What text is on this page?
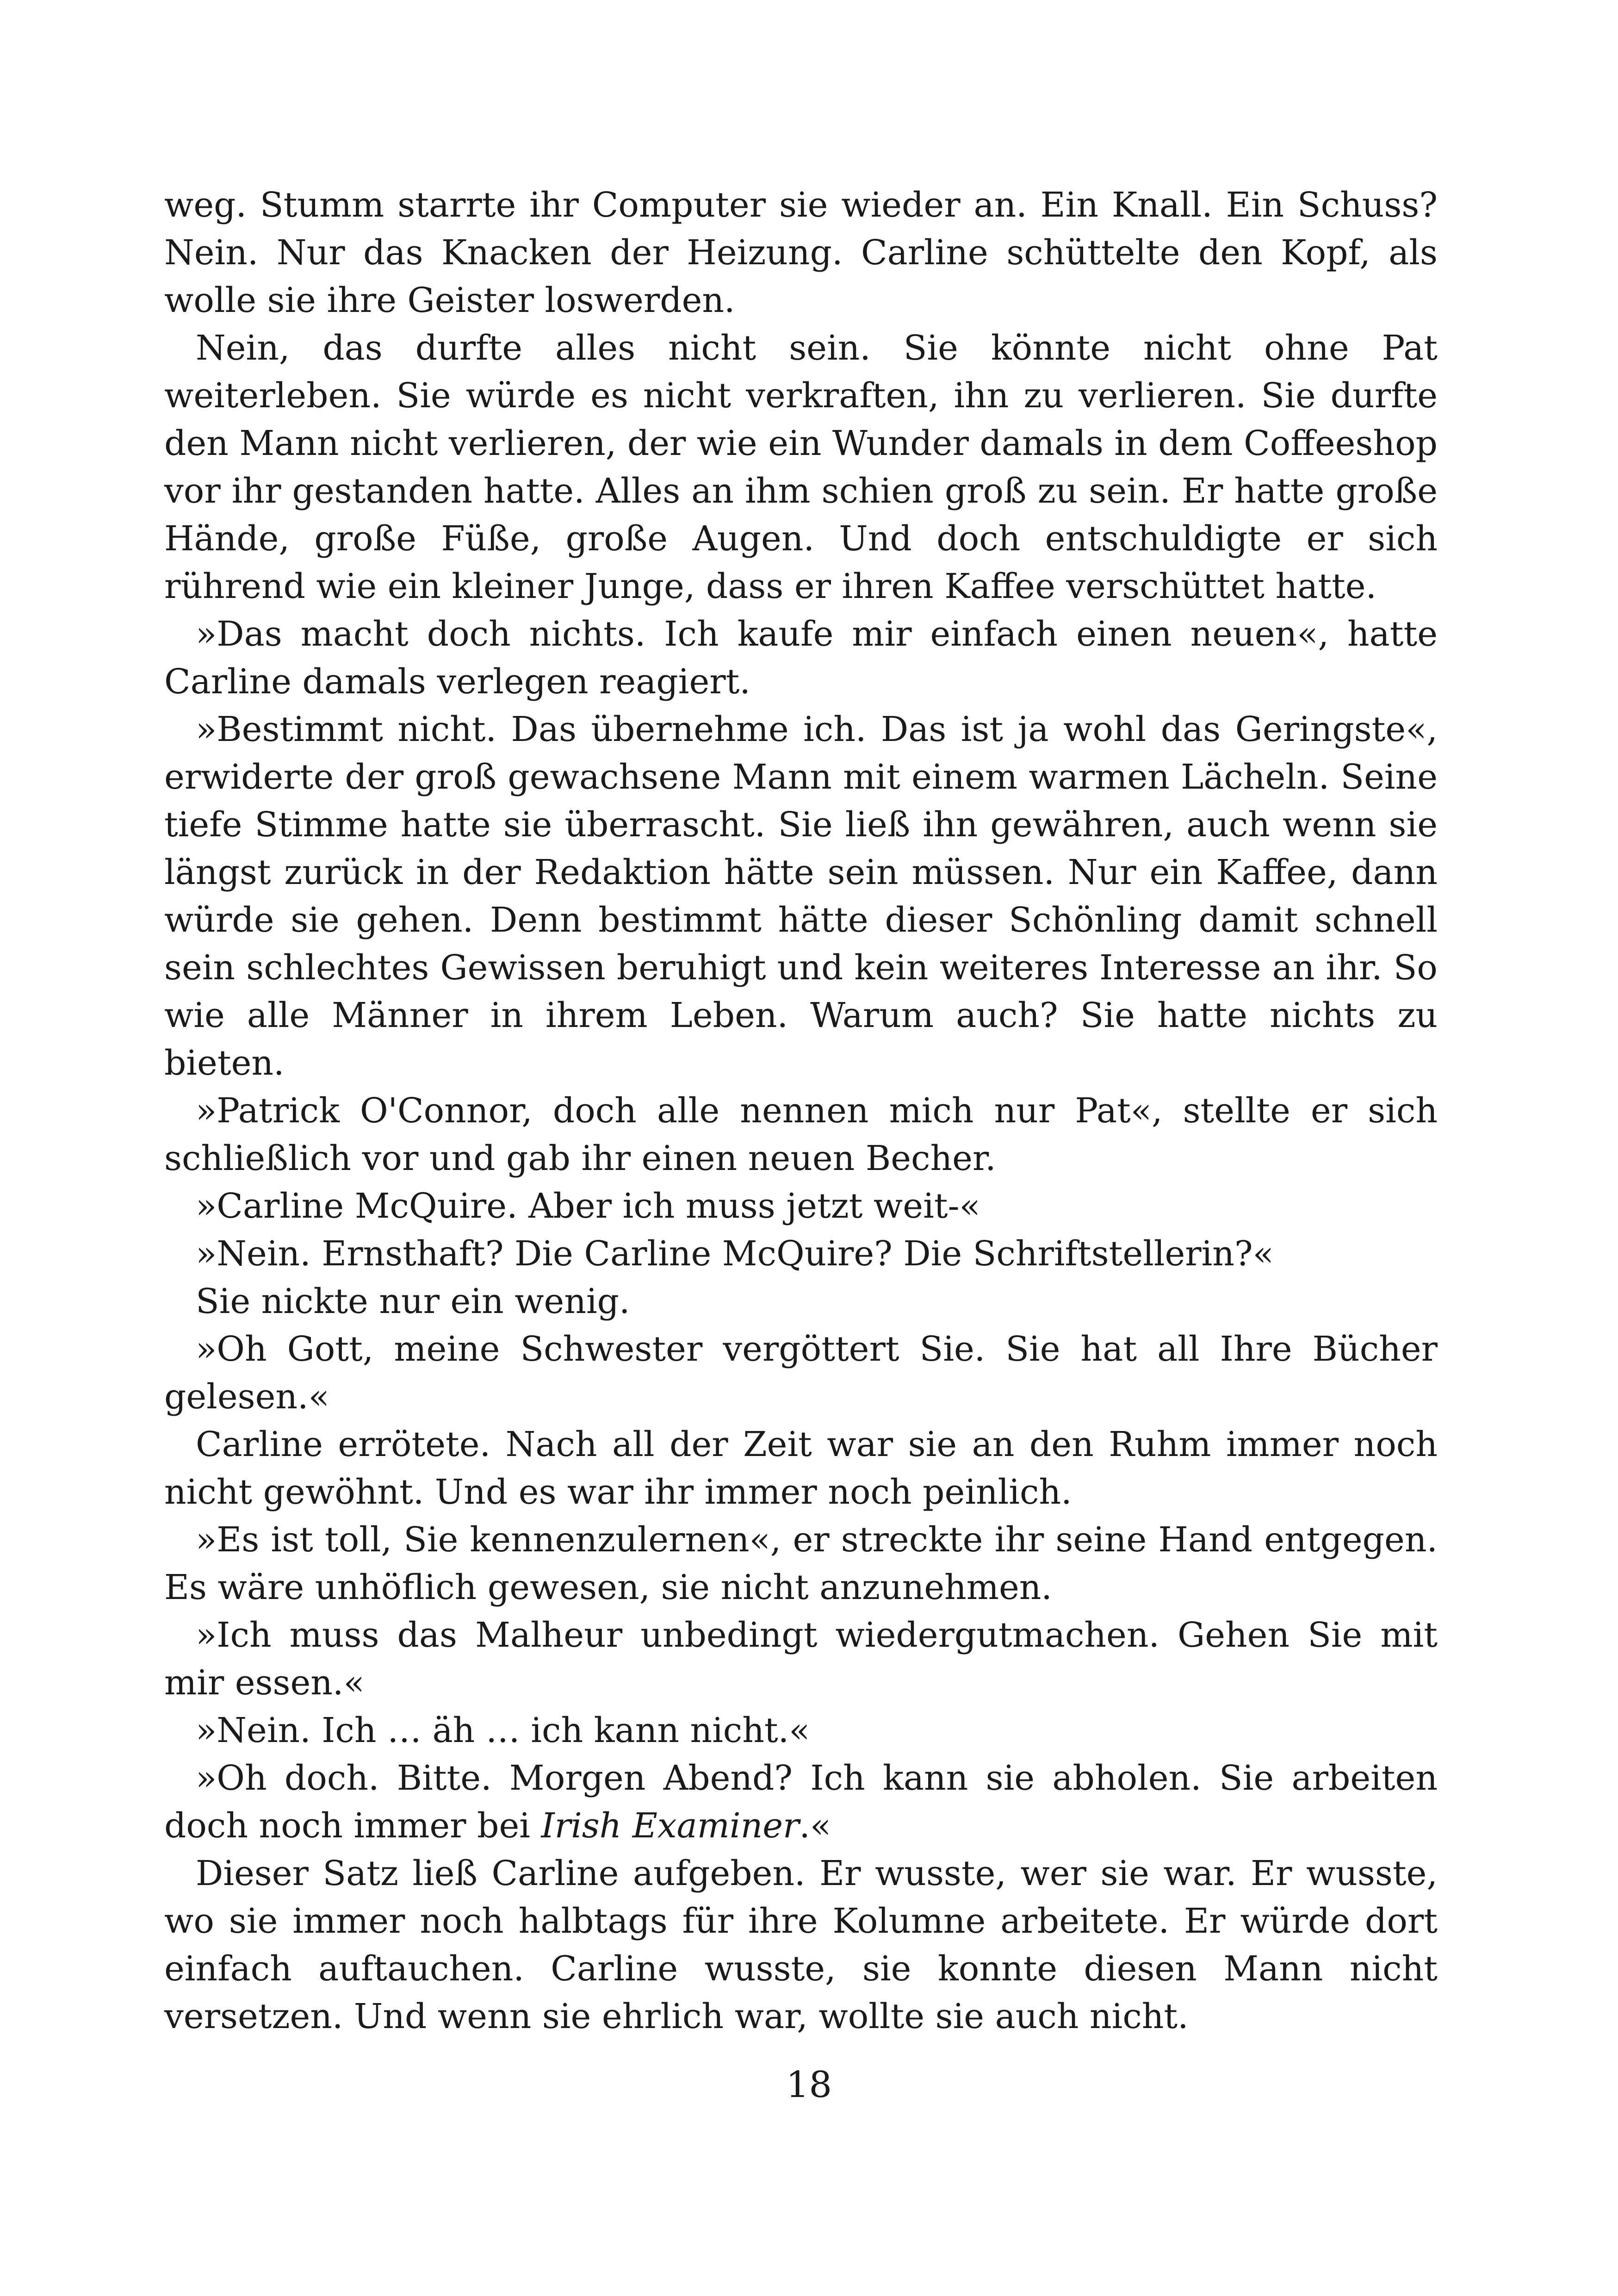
weg. Stumm starrte ihr Computer sie wieder an. Ein Knall. Ein Schuss? Nein. Nur das Knacken der Heizung. Carline schüttelte den Kopf, als wolle sie ihre Geister loswerden.

Nein, das durfte alles nicht sein. Sie könnte nicht ohne Pat weiterleben. Sie würde es nicht verkraften, ihn zu verlieren. Sie durfte den Mann nicht verlieren, der wie ein Wunder damals in dem Coffeeshop vor ihr gestanden hatte. Alles an ihm schien groß zu sein. Er hatte große Hände, große Füße, große Augen. Und doch entschuldigte er sich rührend wie ein kleiner Junge, dass er ihren Kaffee verschüttet hatte.

»Das macht doch nichts. Ich kaufe mir einfach einen neuen«, hatte Carline damals verlegen reagiert.

»Bestimmt nicht. Das übernehme ich. Das ist ja wohl das Geringste«, erwiderte der groß gewachsene Mann mit einem warmen Lächeln. Seine tiefe Stimme hatte sie überrascht. Sie ließ ihn gewähren, auch wenn sie längst zurück in der Redaktion hätte sein müssen. Nur ein Kaffee, dann würde sie gehen. Denn bestimmt hätte dieser Schönling damit schnell sein schlechtes Gewissen beruhigt und kein weiteres Interesse an ihr. So wie alle Männer in ihrem Leben. Warum auch? Sie hatte nichts zu bieten.

»Patrick O'Connor, doch alle nennen mich nur Pat«, stellte er sich schließlich vor und gab ihr einen neuen Becher.

»Carline McQuire. Aber ich muss jetzt weit-«

»Nein. Ernsthaft? Die Carline McQuire? Die Schriftstellerin?«

Sie nickte nur ein wenig.

»Oh Gott, meine Schwester vergöttert Sie. Sie hat all Ihre Bücher gelesen.«

Carline errötete. Nach all der Zeit war sie an den Ruhm immer noch nicht gewöhnt. Und es war ihr immer noch peinlich.

»Es ist toll, Sie kennenzulernen«, er streckte ihr seine Hand entgegen. Es wäre unhöflich gewesen, sie nicht anzunehmen.

»Ich muss das Malheur unbedingt wiedergutmachen. Gehen Sie mit mir essen.«

»Nein. Ich … äh … ich kann nicht.«

»Oh doch. Bitte. Morgen Abend? Ich kann sie abholen. Sie arbeiten doch noch immer bei Irish Examiner.«

Dieser Satz ließ Carline aufgeben. Er wusste, wer sie war. Er wusste, wo sie immer noch halbtags für ihre Kolumne arbeitete. Er würde dort einfach auftauchen. Carline wusste, sie konnte diesen Mann nicht versetzen. Und wenn sie ehrlich war, wollte sie auch nicht.

18
